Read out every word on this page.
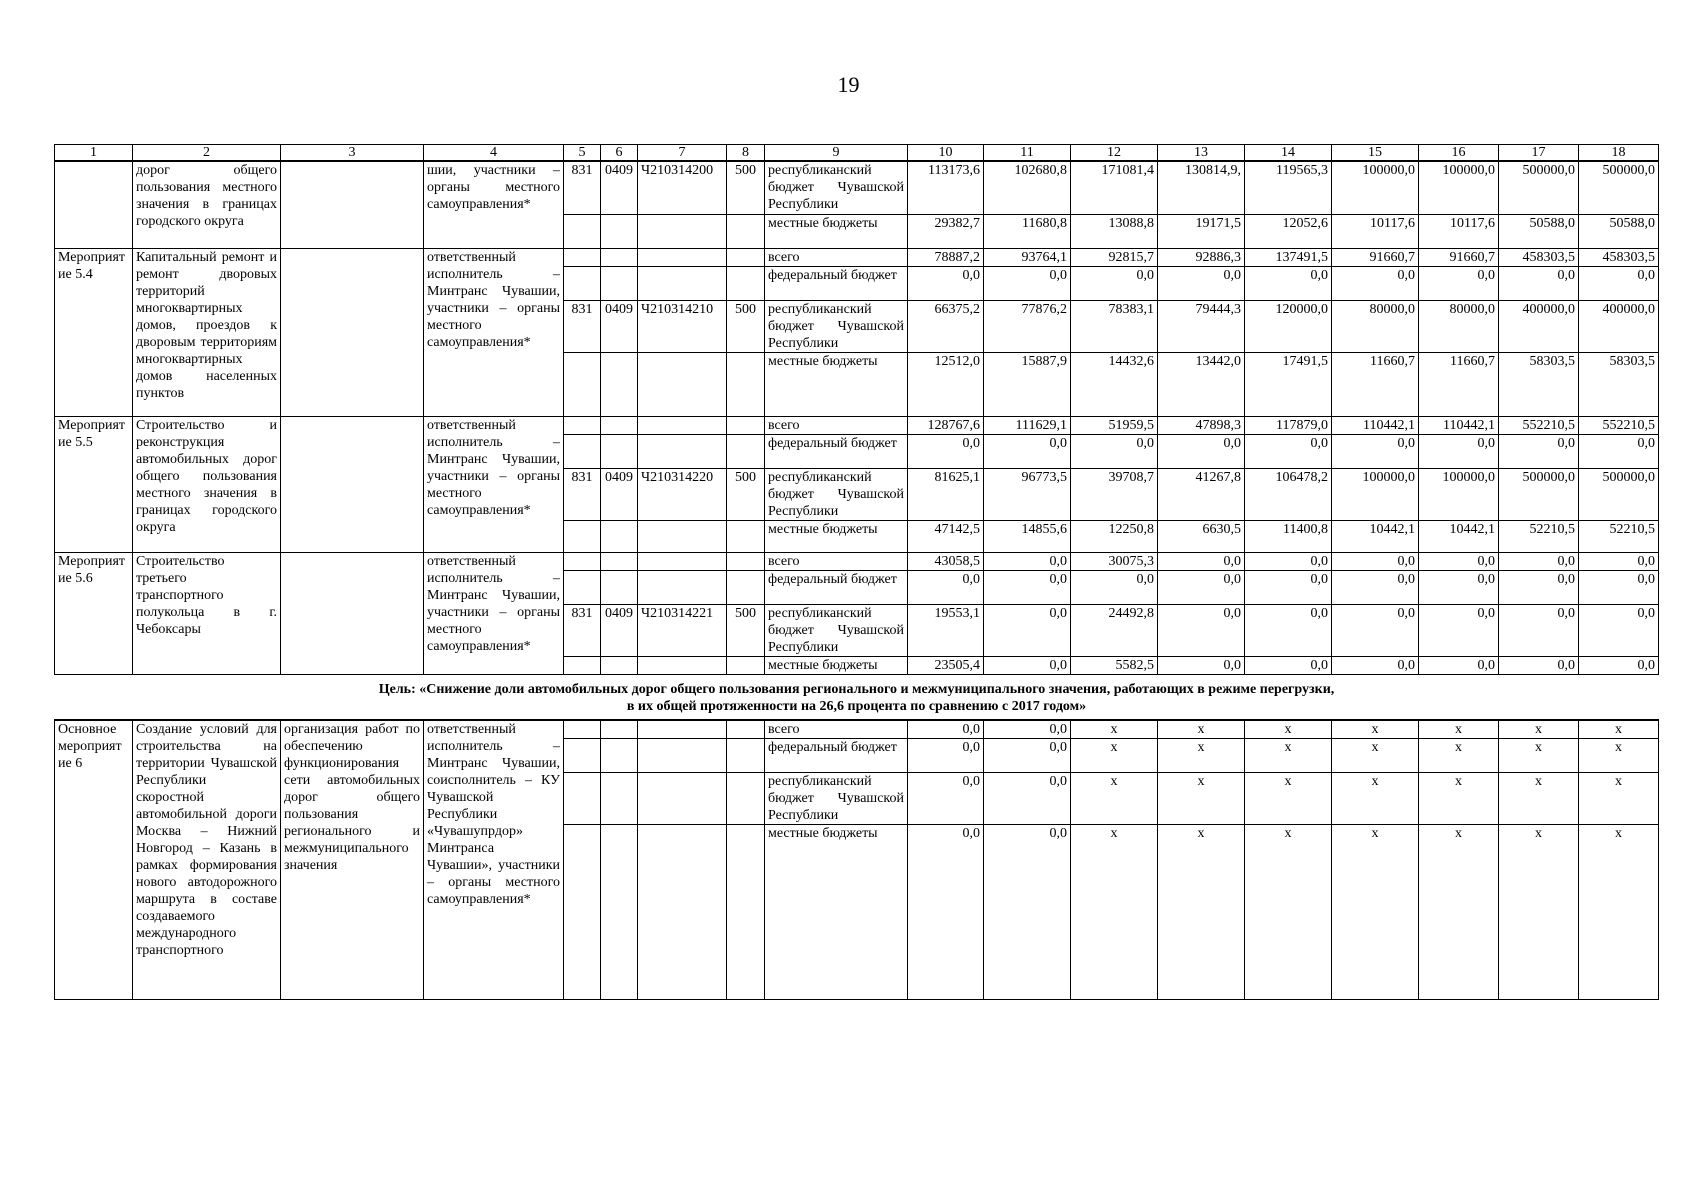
19
1	2	3	4	5	6	7	8	9	10	11	12	13	14	15	16	17	18
	дорог общего пользования местного значения в границах городского округа		шии, участники – органы местного самоуправления*	831	0409	Ч210314200	500	республиканский бюджет Чувашской Республики	113173,6	102680,8	171081,4	130814,9,	119565,3	100000,0	100000,0	500000,0	500000,0
								местные бюджеты	29382,7	11680,8	13088,8	19171,5	12052,6	10117,6	10117,6	50588,0	50588,0
Мероприятие 5.4	Капитальный ремонт и ремонт дворовых территорий многоквартирных домов, проездов к дворовым территориям многоквартирных домов населенных пунктов		ответственный исполнитель – Минтранс Чувашии, участники – органы местного самоуправления*					всего	78887,2	93764,1	92815,7	92886,3	137491,5	91660,7	91660,7	458303,5	458303,5
								федеральный бюджет	0,0	0,0	0,0	0,0	0,0	0,0	0,0	0,0	0,0
				831	0409	Ч210314210	500	республиканский бюджет Чувашской Республики	66375,2	77876,2	78383,1	79444,3	120000,0	80000,0	80000,0	400000,0	400000,0
								местные бюджеты	12512,0	15887,9	14432,6	13442,0	17491,5	11660,7	11660,7	58303,5	58303,5
Мероприятие 5.5	Строительство и реконструкция автомобильных дорог общего пользования местного значения в границах городского округа		ответственный исполнитель – Минтранс Чувашии, участники – органы местного самоуправления*					всего	128767,6	111629,1	51959,5	47898,3	117879,0	110442,1	110442,1	552210,5	552210,5
								федеральный бюджет	0,0	0,0	0,0	0,0	0,0	0,0	0,0	0,0	0,0
				831	0409	Ч210314220	500	республиканский бюджет Чувашской Республики	81625,1	96773,5	39708,7	41267,8	106478,2	100000,0	100000,0	500000,0	500000,0
								местные бюджеты	47142,5	14855,6	12250,8	6630,5	11400,8	10442,1	10442,1	52210,5	52210,5
Мероприятие 5.6	Строительство третьего транспортного полукольца в г. Чебоксары		ответственный исполнитель – Минтранс Чувашии, участники – органы местного самоуправления*					всего	43058,5	0,0	30075,3	0,0	0,0	0,0	0,0	0,0	0,0
								федеральный бюджет	0,0	0,0	0,0	0,0	0,0	0,0	0,0	0,0	0,0
				831	0409	Ч210314221	500	республиканский бюджет Чувашской Республики	19553,1	0,0	24492,8	0,0	0,0	0,0	0,0	0,0	0,0
								местные бюджеты	23505,4	0,0	5582,5	0,0	0,0	0,0	0,0	0,0	0,0

Цель: «Снижение доли автомобильных дорог общего пользования регионального и межмуниципального значения, работающих в режиме перегрузки,
в их общей протяженности на 26,6 процента по сравнению с 2017 годом»																	

Основное мероприятие 6	Создание условий для строительства на территории Чувашской Республики скоростной автомобильной дороги Москва – Нижний Новгород – Казань в рамках формирования нового автодорожного маршрута в составе создаваемого международного транспортного	организация работ по обеспечению функционирования сети автомобильных дорог общего пользования регионального и межмуниципального значения	ответственный исполнитель – Минтранс Чувашии, соисполнитель – КУ Чувашской Республики «Чувашупрдор» Минтранса Чувашии», участники – органы местного самоуправления*					всего	0,0	0,0	х	х	х	х	х	х	х
								федеральный бюджет	0,0	0,0	х	х	х	х	х	х	х
								республиканский бюджет Чувашской Республики	0,0	0,0	х	х	х	х	х	х	х
								местные бюджеты	0,0	0,0	х	х	х	х	х	х	х
